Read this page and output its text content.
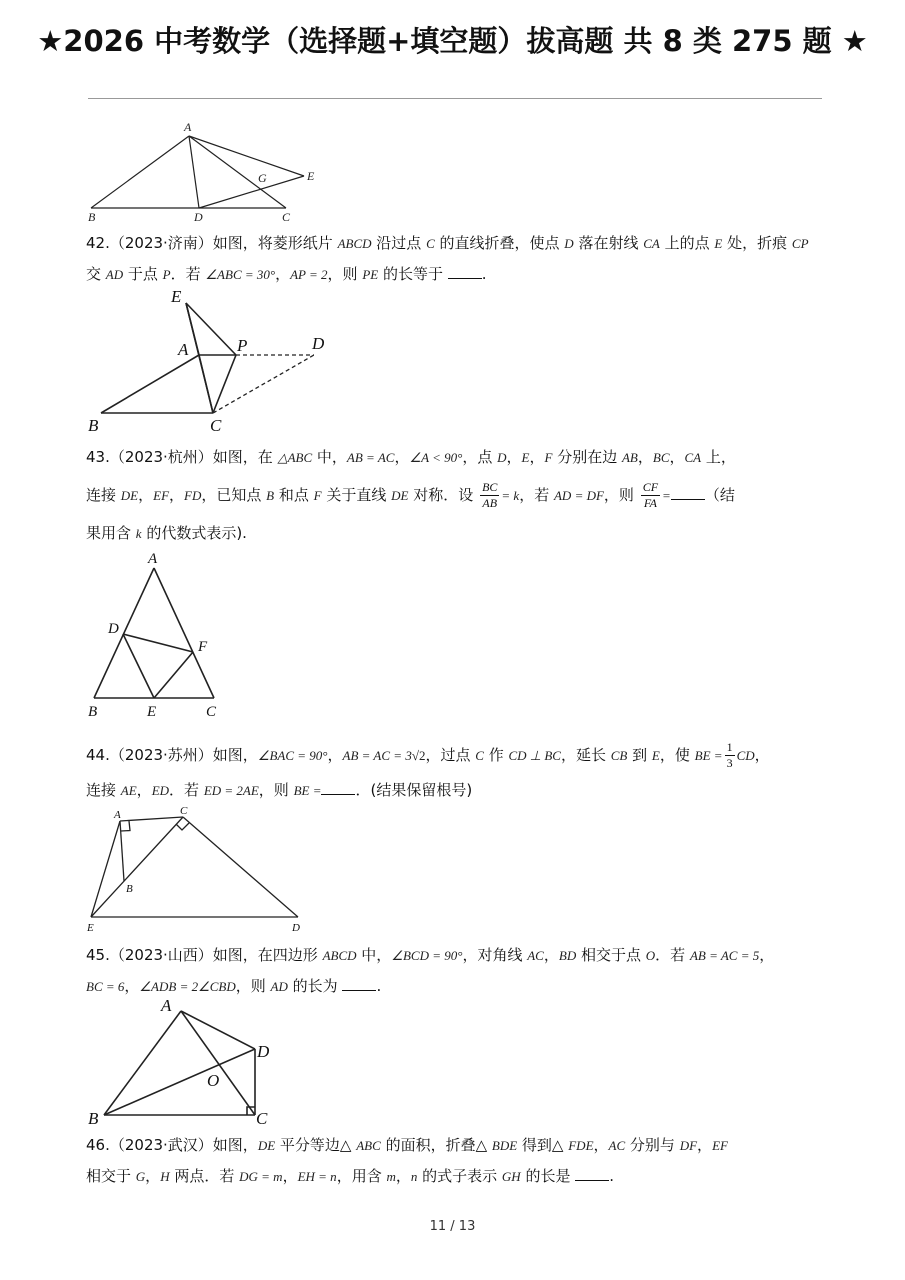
★2026 中考数学（选择题+填空题）拔高题 共 8 类 275 题 ★
A
E
G
B	D	C
42.（2023·济南）如图，将菱形纸片 ABCD 沿过点 C 的直线折叠，使点 D 落在射线 CA 上的点 E 处，折痕 CP 交 AD 于点 P．若 ∠ABC = 30°，AP = 2，则 PE 的长等于 .
E
A	P	D
B	C
43.（2023·杭州）如图，在 △ABC 中，AB = AC，∠A < 90°，点 D，E，F 分别在边 AB，BC，CA 上，
连接 DE，EF，FD，已知点 B 和点 F 关于直线 DE 对称．设 $\frac{BC}{AB} = k$，若 AD = DF，则 $\frac{CF}{FA}$ = （结
果用含 k 的代数式表示).
A
D
F
B	E	C
44.（2023·苏州）如图，∠BAC = 90°，AB = AC = 3√2，过点 C 作 CD ⊥ BC，延长 CB 到 E，使 BE = $\frac{1}{3}$ CD，
连接 AE，ED．若 ED = 2AE，则 BE = ．(结果保留根号)
A	C
B
E	D
45.（2023·山西）如图，在四边形 ABCD 中，∠BCD = 90°，对角线 AC，BD 相交于点 O．若 AB = AC = 5，
BC = 6，∠ADB = 2∠CBD，则 AD 的长为 .
A
D
O
B	C
46.（2023·武汉）如图，DE 平分等边△ ABC 的面积，折叠△ BDE 得到△ FDE，AC 分别与 DF，EF
相交于 G，H 两点．若 DG = m，EH = n，用含 m，n 的式子表示 GH 的长是 .
11 / 13
